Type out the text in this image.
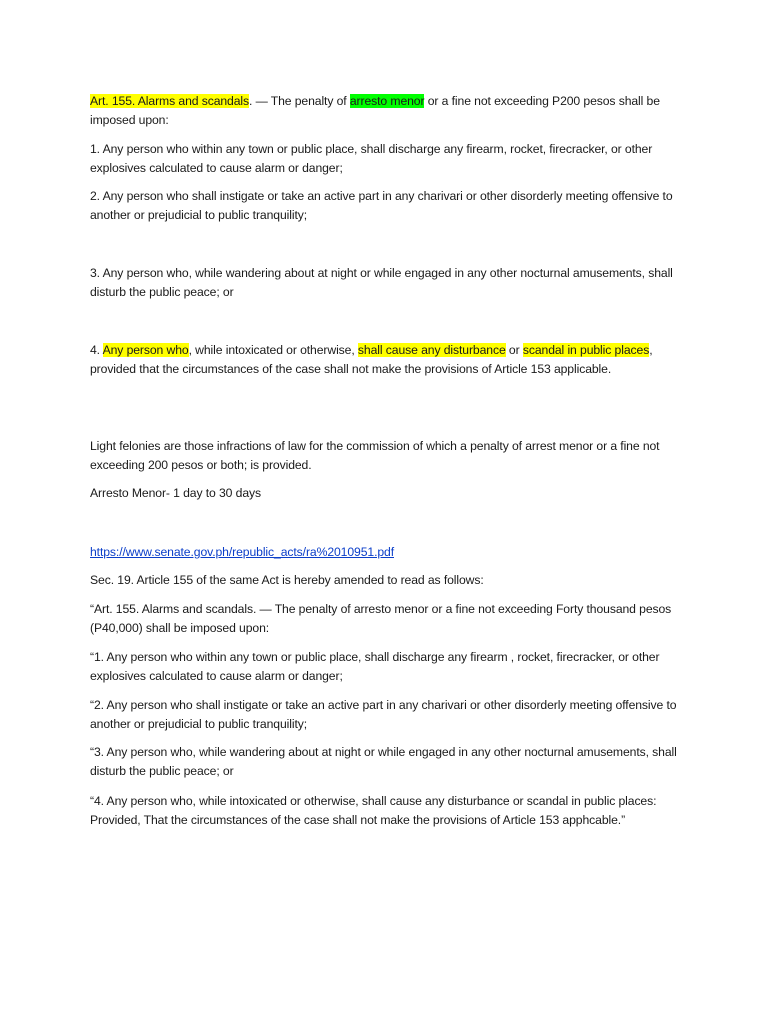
Art. 155. Alarms and scandals. — The penalty of arresto menor or a fine not exceeding P200 pesos shall be imposed upon:

1. Any person who within any town or public place, shall discharge any firearm, rocket, firecracker, or other explosives calculated to cause alarm or danger;

2. Any person who shall instigate or take an active part in any charivari or other disorderly meeting offensive to another or prejudicial to public tranquility;

3. Any person who, while wandering about at night or while engaged in any other nocturnal amusements, shall disturb the public peace; or

4. Any person who, while intoxicated or otherwise, shall cause any disturbance or scandal in public places, provided that the circumstances of the case shall not make the provisions of Article 153 applicable.

Light felonies are those infractions of law for the commission of which a penalty of arrest menor or a fine not exceeding 200 pesos or both; is provided.

Arresto Menor- 1 day to 30 days

https://www.senate.gov.ph/republic_acts/ra%2010951.pdf

Sec. 19. Article 155 of the same Act is hereby amended to read as follows:

“Art. 155. Alarms and scandals. — The penalty of arresto menor or a fine not exceeding Forty thousand pesos (P40,000) shall be imposed upon:

“1. Any person who within any town or public place, shall discharge any firearm , rocket, firecracker, or other explosives calculated to cause alarm or danger;

“2. Any person who shall instigate or take an active part in any charivari or other disorderly meeting offensive to another or prejudicial to public tranquility;

“3. Any person who, while wandering about at night or while engaged in any other nocturnal amusements, shall disturb the public peace; or

“4. Any person who, while intoxicated or otherwise, shall cause any disturbance or scandal in public places: Provided, That the circumstances of the case shall not make the provisions of Article 153 apphcable.”
